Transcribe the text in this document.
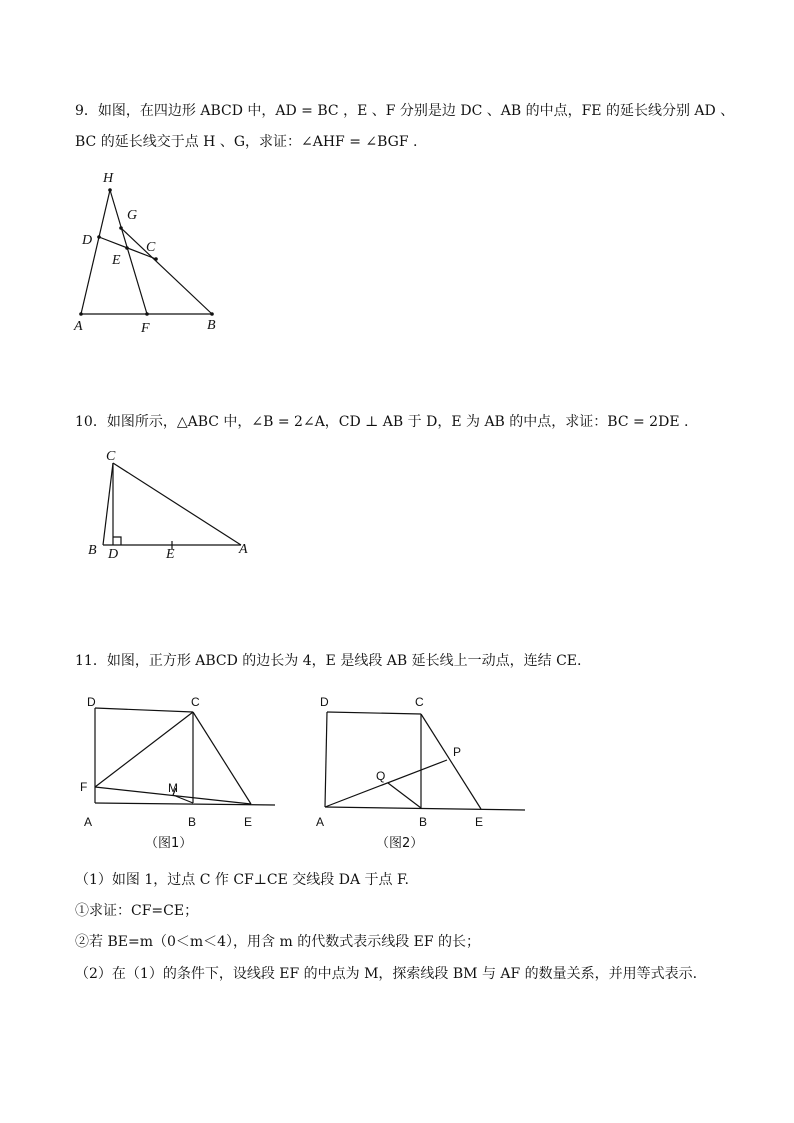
9．如图，在四边形 ABCD 中，AD = BC ，E 、F 分别是边 DC 、AB 的中点，FE 的延长线分别 AD 、
BC 的延长线交于点 H 、G，求证：∠AHF = ∠BGF .
H
G
D	C
E
A	F	B
C
B D	E	A
D	C
F	M
A	B	E
（图1）
D	C
P
Q
A	B	E
（图2）
10．如图所示，△ABC 中，∠B = 2∠A，CD ⊥ AB 于 D，E 为 AB 的中点，求证：BC = 2DE .
11．如图，正方形 ABCD 的边长为 4，E 是线段 AB 延长线上一动点，连结 CE.
（1）如图 1，过点 C 作 CF⊥CE 交线段 DA 于点 F.
①求证：CF=CE；
②若 BE=m（0＜m＜4），用含 m 的代数式表示线段 EF 的长；
（2）在（1）的条件下，设线段 EF 的中点为 M，探索线段 BM 与 AF 的数量关系，并用等式表示.
